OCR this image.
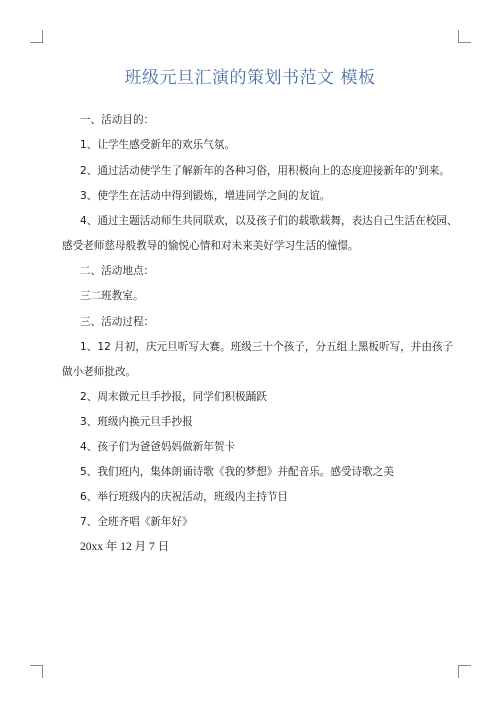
班级元旦汇演的策划书范文 模板
一、活动目的：
1、让学生感受新年的欢乐气氛。
2、通过活动使学生了解新年的各种习俗，用积极向上的态度迎接新年的'到来。
3、使学生在活动中得到锻炼，增进同学之间的友谊。
4、通过主题活动师生共同联欢，以及孩子们的载歌载舞，表达自己生活在校园、
感受老师慈母般教导的愉悦心情和对未来美好学习生活的憧憬。
二、活动地点：
三二班教室。
三、活动过程：
1、12 月初，庆元旦听写大赛。班级三十个孩子，分五组上黑板听写，并由孩子
做小老师批改。
2、周末做元旦手抄报，同学们积极踊跃
3、班级内换元旦手抄报
4、孩子们为爸爸妈妈做新年贺卡
5、我们班内，集体朗诵诗歌《我的梦想》并配音乐。感受诗歌之美
6、举行班级内的庆祝活动，班级内主持节目
7、全班齐唱《新年好》
20xx 年 12 月 7 日
